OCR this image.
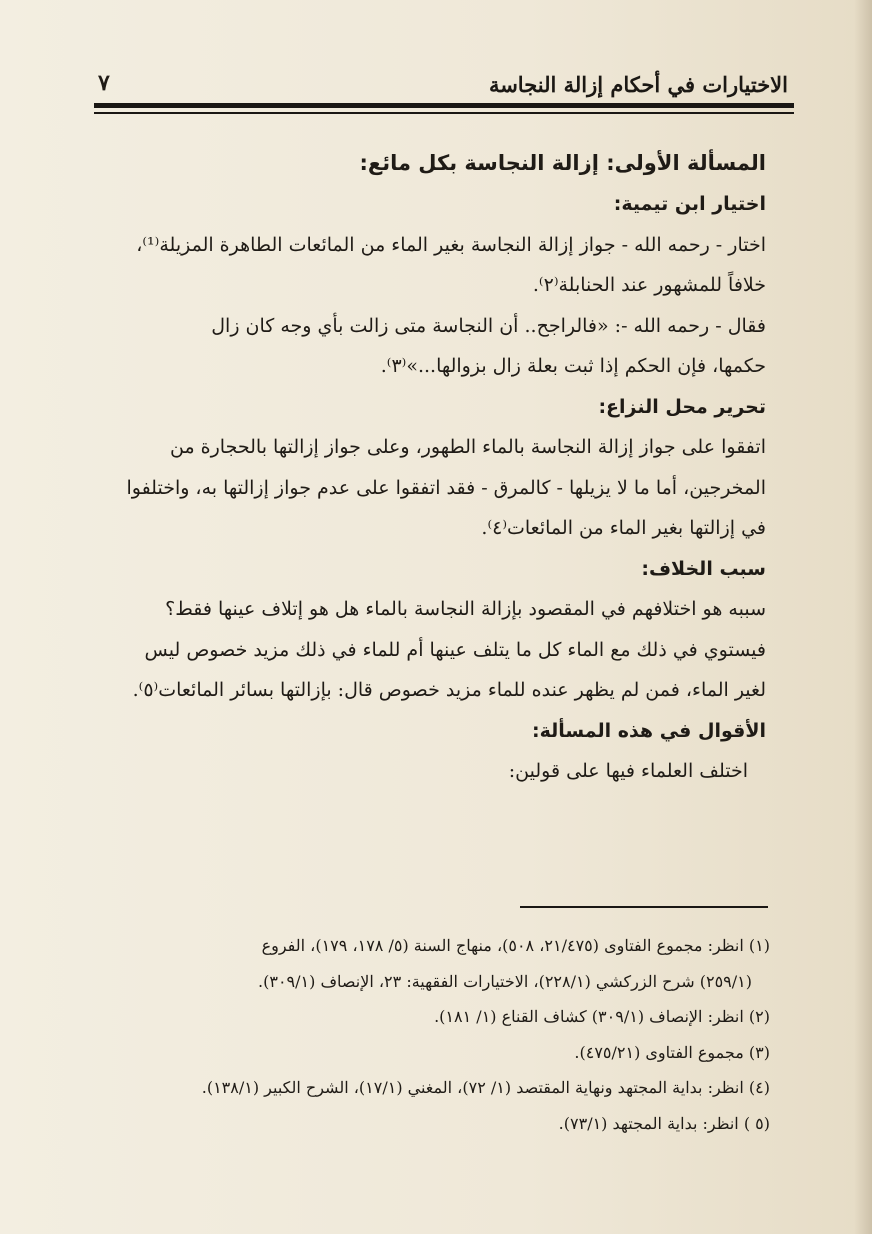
الاختيارات في أحكام إزالة النجاسة
٧

المسألة الأولى: إزالة النجاسة بكل مائع:

اختيار ابن تيمية:

اختار - رحمه الله - جواز إزالة النجاسة بغير الماء من المائعات الطاهرة المزيلة⁽¹⁾،

خلافاً للمشهور عند الحنابلة⁽٢⁾.

فقال - رحمه الله -: «فالراجح.. أن النجاسة متى زالت بأي وجه كان زال

حكمها، فإن الحكم إذا ثبت بعلة زال بزوالها...»⁽٣⁾.

تحرير محل النزاع:

اتفقوا على جواز إزالة النجاسة بالماء الطهور، وعلى جواز إزالتها بالحجارة من

المخرجين، أما ما لا يزيلها - كالمرق - فقد اتفقوا على عدم جواز إزالتها به، واختلفوا

في إزالتها بغير الماء من المائعات⁽٤⁾.

سبب الخلاف:

سببه هو اختلافهم في المقصود بإزالة النجاسة بالماء هل هو إتلاف عينها فقط؟

فيستوي في ذلك مع الماء كل ما يتلف عينها أم للماء في ذلك مزيد خصوص ليس

لغير الماء، فمن لم يظهر عنده للماء مزيد خصوص قال: بإزالتها بسائر المائعات⁽٥⁾.

الأقوال في هذه المسألة:

اختلف العلماء فيها على قولين:

(١) انظر: مجموع الفتاوى (٢١/٤٧٥، ٥٠٨)، منهاج السنة (٥/ ١٧٨، ١٧٩)، الفروع

(٢٥٩/١) شرح الزركشي (٢٢٨/١)، الاختيارات الفقهية: ٢٣، الإنصاف (٣٠٩/١).

(٢) انظر: الإنصاف (٣٠٩/١) كشاف القناع (١/ ١٨١).

(٣) مجموع الفتاوى (٤٧٥/٢١).

(٤) انظر: بداية المجتهد ونهاية المقتصد (١/ ٧٢)، المغني (١٧/١)، الشرح الكبير (١٣٨/١).

(٥ ) انظر: بداية المجتهد (٧٣/١).
